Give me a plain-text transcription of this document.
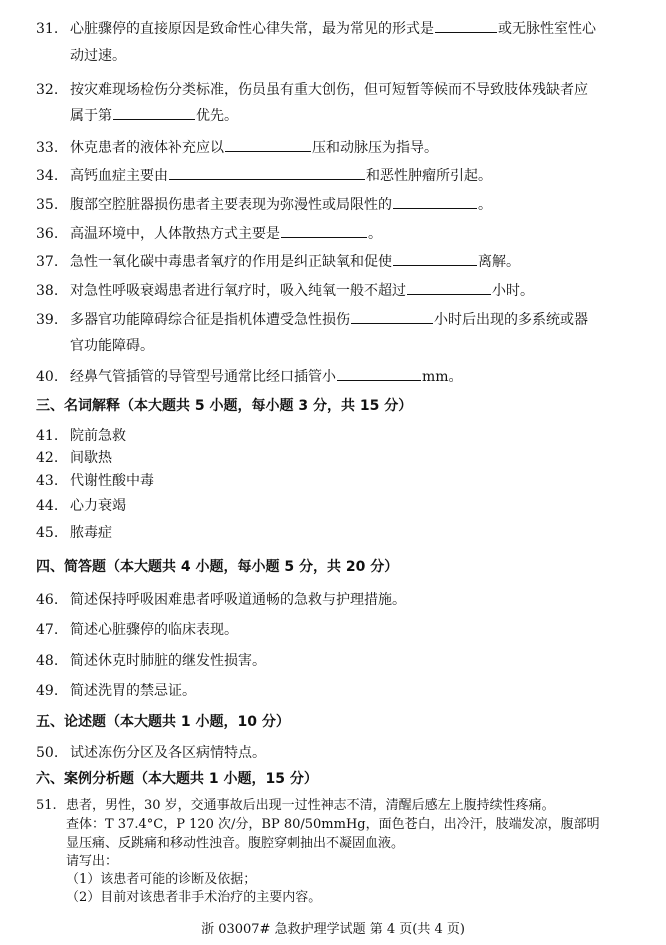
31. 心脏骤停的直接原因是致命性心律失常，最为常见的形式是	或无脉性室性心
动过速。
32. 按灾难现场检伤分类标准，伤员虽有重大创伤，但可短暂等候而不导致肢体残缺者应
属于第	优先。
33. 休克患者的液体补充应以	压和动脉压为指导。
34. 高钙血症主要由	和恶性肿瘤所引起。
35. 腹部空腔脏器损伤患者主要表现为弥漫性或局限性的	。
36. 高温环境中，人体散热方式主要是	。
37. 急性一氧化碳中毒患者氧疗的作用是纠正缺氧和促使	离解。
38. 对急性呼吸衰竭患者进行氧疗时，吸入纯氧一般不超过	小时。
39. 多器官功能障碍综合征是指机体遭受急性损伤	小时后出现的多系统或器
官功能障碍。
40. 经鼻气管插管的导管型号通常比经口插管小	mm。
三、名词解释（本大题共 5 小题，每小题 3 分，共 15 分）
41. 院前急救
42. 间歇热
43. 代谢性酸中毒
44. 心力衰竭
45. 脓毒症
四、简答题（本大题共 4 小题，每小题 5 分，共 20 分）
46. 简述保持呼吸困难患者呼吸道通畅的急救与护理措施。
47. 简述心脏骤停的临床表现。
48. 简述休克时肺脏的继发性损害。
49. 简述洗胃的禁忌证。
五、论述题（本大题共 1 小题，10 分）
50. 试述冻伤分区及各区病情特点。
六、案例分析题（本大题共 1 小题，15 分）
51. 患者，男性，30 岁，交通事故后出现一过性神志不清，清醒后感左上腹持续性疼痛。
查体：T 37.4°C，P 120 次/分，BP 80/50mmHg，面色苍白，出冷汗，肢端发凉，腹部明
显压痛、反跳痛和移动性浊音。腹腔穿刺抽出不凝固血液。
请写出：
（1）该患者可能的诊断及依据；
（2）目前对该患者非手术治疗的主要内容。
浙 03007# 急救护理学试题 第 4 页(共 4 页)
